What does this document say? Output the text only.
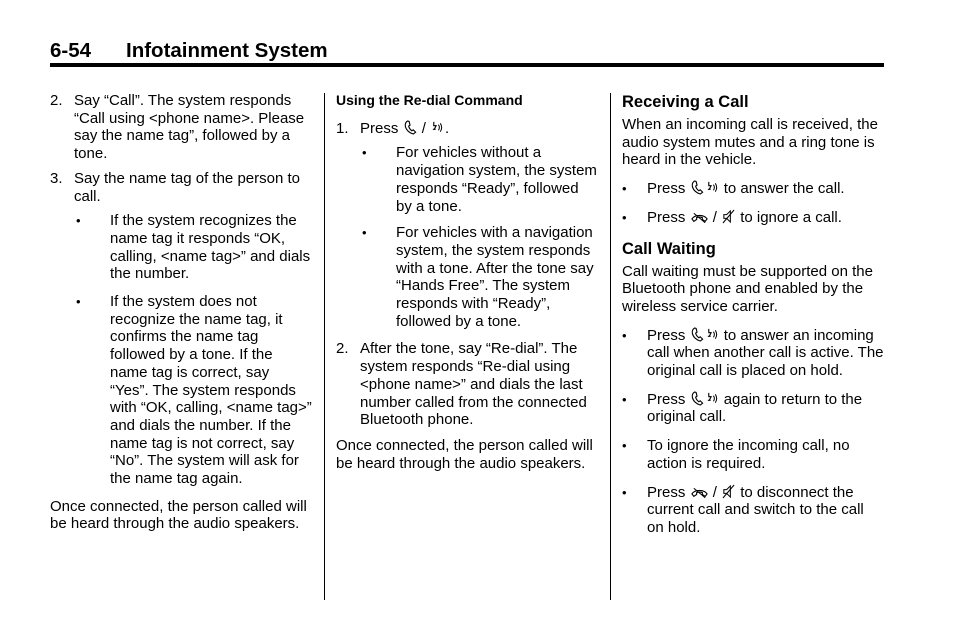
6-54 Infotainment System
2. Say “Call”. The system responds “Call using <phone name>. Please say the name tag”, followed by a tone.
3. Say the name tag of the person to call.
• If the system recognizes the name tag it responds “OK, calling, <name tag>” and dials the number.
• If the system does not recognize the name tag, it confirms the name tag followed by a tone. If the name tag is correct, say “Yes”. The system responds with “OK, calling, <name tag>” and dials the number. If the name tag is not correct, say “No”. The system will ask for the name tag again.

Once connected, the person called will be heard through the audio speakers.

Using the Re-dial Command
1. Press / .
• For vehicles without a navigation system, the system responds “Ready”, followed by a tone.
• For vehicles with a navigation system, the system responds with a tone. After the tone say “Hands Free”. The system responds with “Ready”, followed by a tone.
2. After the tone, say “Re-dial”. The system responds “Re-dial using <phone name>” and dials the last number called from the connected Bluetooth phone.

Once connected, the person called will be heard through the audio speakers.

Receiving a Call

When an incoming call is received, the audio system mutes and a ring tone is heard in the vehicle.

• Press	to answer the call.
• Press / to ignore a call.
Call Waiting

Call waiting must be supported on the Bluetooth phone and enabled by the wireless service carrier.

• Press	to answer an incoming call when another call is active. The original call is placed on hold.
• Press	again to return to the original call.
• To ignore the incoming call, no action is required.
• Press / to disconnect the current call and switch to the call on hold.
